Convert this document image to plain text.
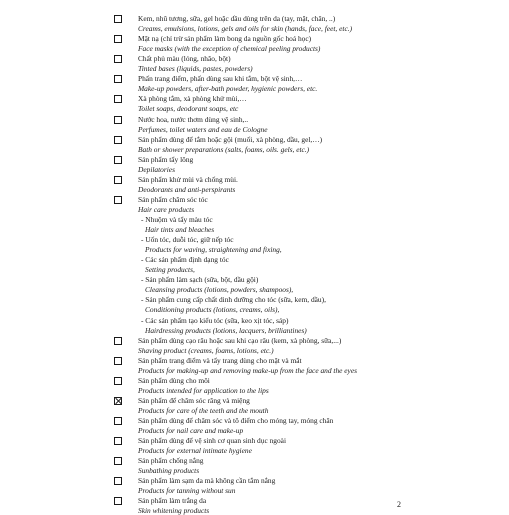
Kem, nhũ tương, sữa, gel hoặc dầu dùng trên da (tay, mặt, chân, ..)
Creams, emulsions, lotions, gels and oils for skin (hands, face, feet, etc.)
Mặt nạ (chỉ trừ sản phẩm làm bong da nguồn gốc hoá học)
Face masks (with the exception of chemical peeling products)
Chất phủ màu (lỏng, nhão, bột)
Tinted bases (liquids, pastes, powders)
Phấn trang điểm, phấn dùng sau khi tắm, bột vệ sinh,…
Make-up powders, after-bath powder, hygienic powders, etc.
Xà phòng tắm, xà phòng khử mùi,…
Toilet soaps, deodorant soaps, etc
Nước hoa, nước thơm dùng vệ sinh,..
Perfumes, toilet waters and eau de Cologne
Sản phẩm dùng để tắm hoặc gội (muối, xà phòng, dầu, gel,…)
Bath or shower preparations (salts, foams, oils. gels, etc.)
Sản phẩm tẩy lông
Depilatories
Sản phẩm khử mùi và chống mùi.
Deodorants and anti-perspirants
Sản phẩm chăm sóc tóc
Hair care products
- Nhuộm và tẩy màu tóc
Hair tints and bleaches
- Uốn tóc, duỗi tóc, giữ nếp tóc
Products for waving, straightening and fixing,
- Các sản phẩm định dạng tóc
Setting products,
- Sản phẩm làm sạch (sữa, bột, dầu gội)
Cleansing products (lotions, powders, shampoos),
- Sản phẩm cung cấp chất dinh dưỡng cho tóc (sữa, kem, dầu),
Conditioning products (lotions, creams, oils),
- Các sản phẩm tạo kiểu tóc (sữa, keo xịt tóc, sáp)
Hairdressing products (lotions, lacquers, brilliantines)
Sản phẩm dùng cạo râu hoặc sau khi cạo râu (kem, xà phòng, sữa,...)
Shaving product (creams, foams, lotions, etc.)
Sản phẩm trang điểm và tẩy trang dùng cho mặt và mắt
Products for making-up and removing make-up from the face and the eyes
Sản phẩm dùng cho môi
Products intended for application to the lips
Sản phẩm để chăm sóc răng và miệng
Products for care of the teeth and the mouth
Sản phẩm dùng để chăm sóc và tô điểm cho móng tay, móng chân
Products for nail care and make-up
Sản phẩm dùng để vệ sinh cơ quan sinh dục ngoài
Products for external intimate hygiene
Sản phẩm chống nắng
Sunbathing products
Sản phẩm làm sạm da mà không cần tắm nắng
Products for tanning without sun
Sản phẩm làm trắng da
Skin whitening products
2
